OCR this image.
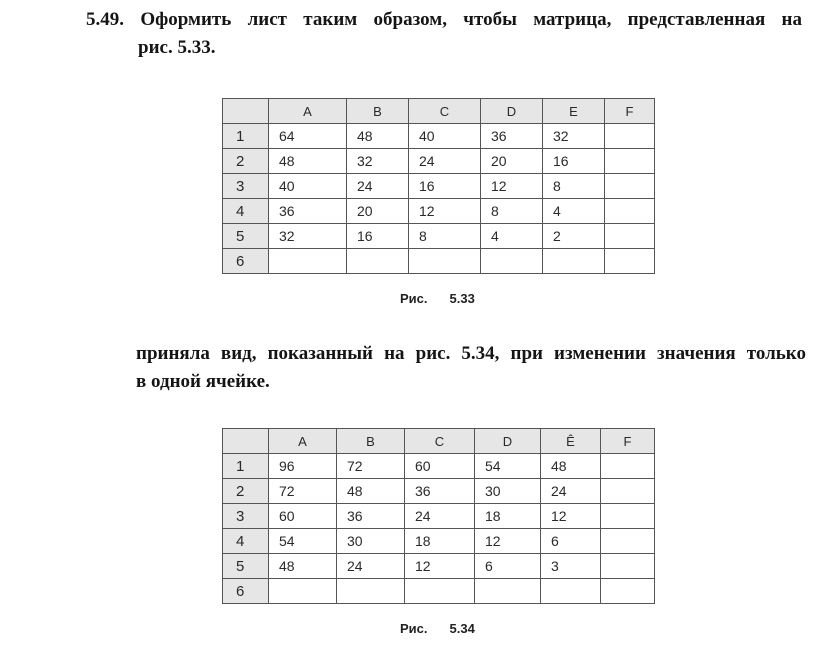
5.49. Оформить лист таким образом, чтобы матрица, представленная на
рис. 5.33.
	A	B	C	D	E	F
1	64	48	40	36	32	
2	48	32	24	20	16	
3	40	24	16	12	8	
4	36	20	12	8	4	
5	32	16	8	4	2	
6						
Рис. 5.33
приняла вид, показанный на рис. 5.34, при изменении значения только
в одной ячейке.
	A	B	C	D	Ê	F
1	96	72	60	54	48	
2	72	48	36	30	24	
3	60	36	24	18	12	
4	54	30	18	12	6	
5	48	24	12	6	3	
6						
Рис. 5.34
